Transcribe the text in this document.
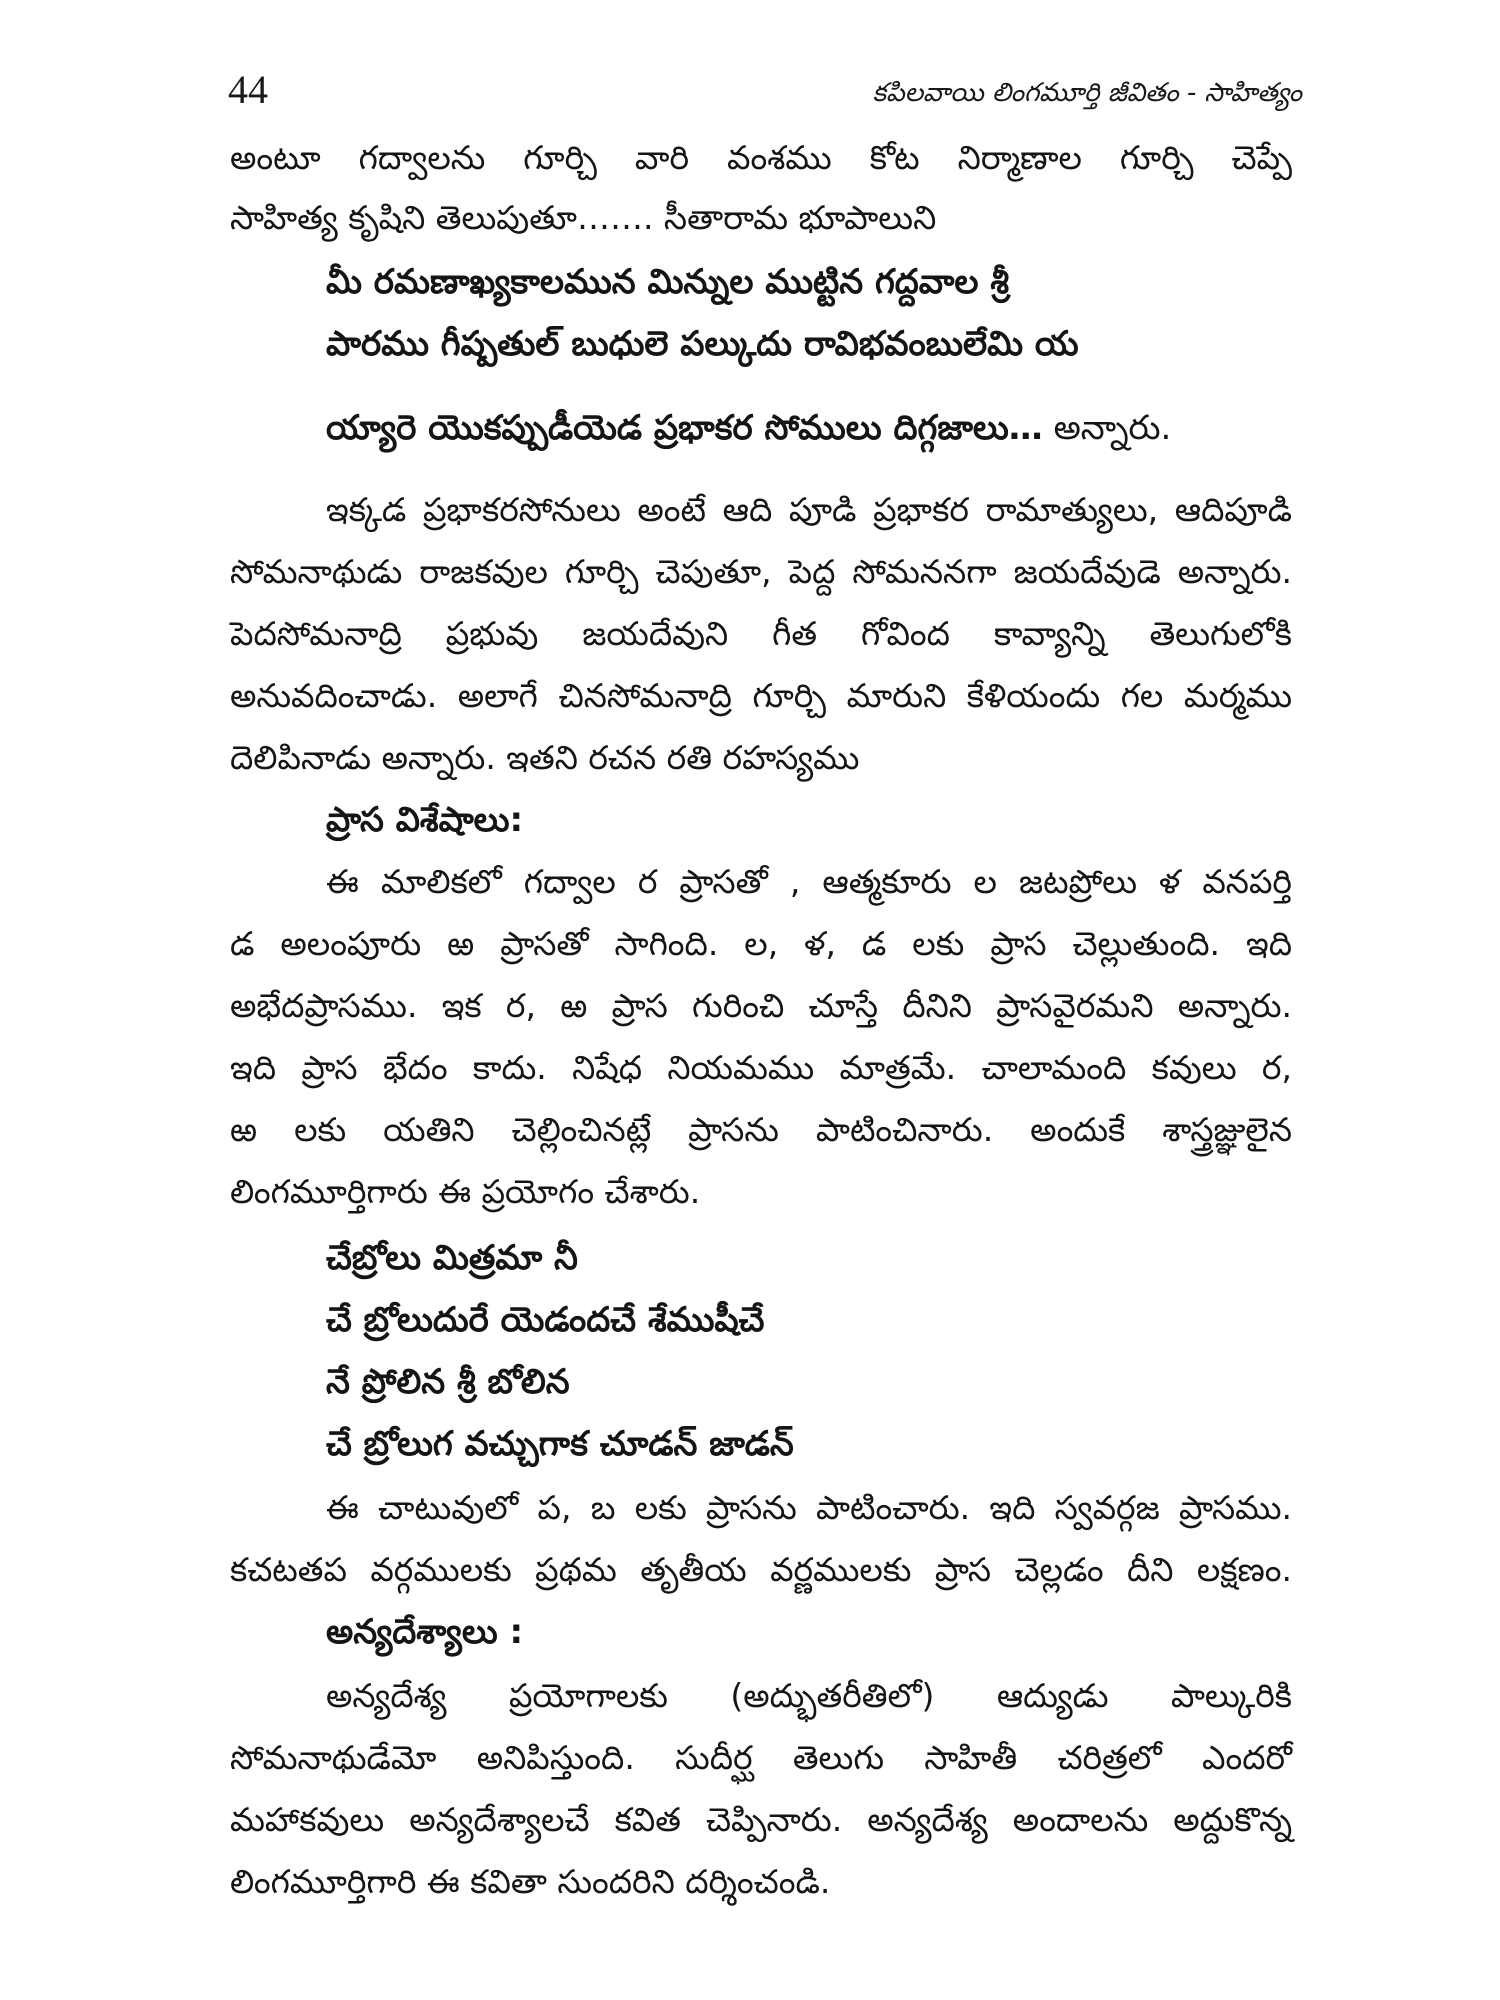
44	కపిలవాయి లింగమూర్తి జీవితం - సాహిత్యం
అంటూ గద్వాలను గూర్చి వారి వంశము కోట నిర్మాణాల గూర్చి చెప్పే
సాహిత్య కృషిని తెలుపుతూ……. సీతారామ భూపాలుని
మీ రమణాఖ్యకాలమున మిన్నుల ముట్టిన గద్దవాల శ్రీ
పారము గీష్పతుల్ బుధులె పల్కుదు రావిభవంబులేమి య
య్యారె యొకప్పుడీయెడ ప్రభాకర సోములు దిగ్గజాలు… అన్నారు.
ఇక్కడ ప్రభాకరసోనులు అంటే ఆది పూడి ప్రభాకర రామాత్యులు, ఆదిపూడి
సోమనాథుడు రాజకవుల గూర్చి చెపుతూ, పెద్ద సోమననగా జయదేవుడె అన్నారు.
పెదసోమనాద్రి ప్రభువు జయదేవుని గీత గోవింద కావ్యాన్ని తెలుగులోకి
అనువదించాడు. అలాగే చినసోమనాద్రి గూర్చి మారుని కేళియందు గల మర్మము
దెలిపినాడు అన్నారు. ఇతని రచన రతి రహస్యము
ప్రాస విశేషాలు:
ఈ మాలికలో గద్వాల ర ప్రాసతో , ఆత్మకూరు ల జటప్రోలు ళ వనపర్తి
డ అలంపూరు ఱ ప్రాసతో సాగింది. ల, ళ, డ లకు ప్రాస చెల్లుతుంది. ఇది
అభేదప్రాసము. ఇక ర, ఱ ప్రాస గురించి చూస్తే దీనిని ప్రాసవైరమని అన్నారు.
ఇది ప్రాస భేదం కాదు. నిషేధ నియమము మాత్రమే. చాలామంది కవులు ర,
ఱ లకు యతిని చెల్లించినట్లే ప్రాసను పాటించినారు. అందుకే శాస్త్రజ్ఞులైన
లింగమూర్తిగారు ఈ ప్రయోగం చేశారు.
చేబ్రోలు మిత్రమా నీ
చే బ్రోలుదురే యెడందచే శేముషీచే
నే ప్రోలిన శ్రీ బోలిన
చే బ్రోలుగ వచ్చుగాక చూడన్ జాడన్
ఈ చాటువులో ప, బ లకు ప్రాసను పాటించారు. ఇది స్వవర్గజ ప్రాసము.
కచటతప వర్గములకు ప్రథమ తృతీయ వర్ణములకు ప్రాస చెల్లడం దీని లక్షణం.
అన్యదేశ్యాలు :
అన్యదేశ్య ప్రయోగాలకు (అద్భుతరీతిలో) ఆద్యుడు పాల్కురికి
సోమనాథుడేమో అనిపిస్తుంది. సుదీర్ఘ తెలుగు సాహితీ చరిత్రలో ఎందరో
మహాకవులు అన్యదేశ్యాలచే కవిత చెప్పినారు. అన్యదేశ్య అందాలను అద్దుకొన్న
లింగమూర్తిగారి ఈ కవితా సుందరిని దర్శించండి.
